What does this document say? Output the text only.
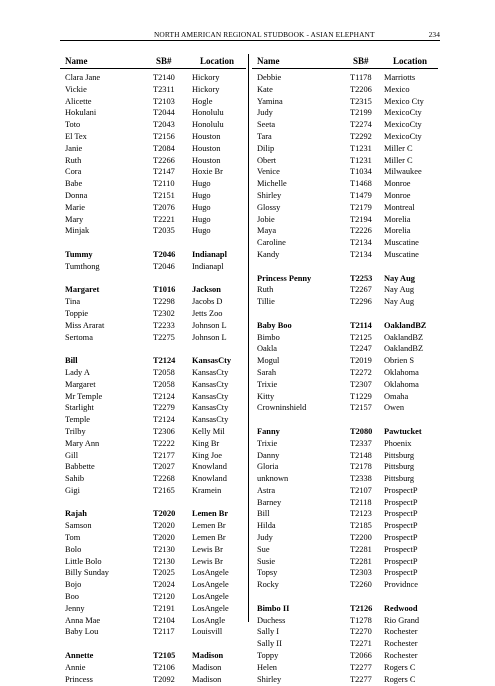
NORTH AMERICAN REGIONAL STUDBOOK - ASIAN ELEPHANT	234
Name	SB#	Location
Clara Jane	T2140 Hickory
Vickie	T2311 Hickory
Alicette	T2103 Hogle
Hokulani	T2044 Honolulu
Toto	T2043 Honolulu
El Tex	T2156 Houston
Janie	T2084 Houston
Ruth	T2266 Houston
Cora	T2147 Hoxie Br
Babe	T2110 Hugo
Donna	T2151 Hugo
Marie	T2076 Hugo
Mary	T2221 Hugo
Minjak	T2035 Hugo
Tummy	T2046 Indianapl
Tumthong	T2046 Indianapl
Margaret	T1016 Jackson
Tina	T2298 Jacobs D
Toppie	T2302 Jetts Zoo
Miss Ararat	T2233 Johnson L
Sertoma	T2275 Johnson L
Bill	T2124 KansasCty
Lady A	T2058 KansasCty
Margaret	T2058 KansasCty
Mr Temple	T2124 KansasCty
Starlight	T2279 KansasCty
Temple	T2124 KansasCty
Trilby	T2306 Kelly Mil
Mary Ann	T2222 King Br
Gill	T2177 King Joe
Babbette	T2027 Knowland
Sahib	T2268 Knowland
Gigi	T2165 Kramein
Rajah	T2020 Lemen Br
Samson	T2020 Lemen Br
Tom	T2020 Lemen Br
Bolo	T2130 Lewis Br
Little Bolo	T2130 Lewis Br
Billy Sunday	T2025 LosAngele
Bojo	T2024 LosAngele
Boo	T2120 LosAngele
Jenny	T2191 LosAngele
Anna Mae	T2104 LosAngle
Baby Lou	T2117 Louisvill
Annette	T2105 Madison
Annie	T2106 Madison
Princess	T2092 Madison
Name	SB#	Location
Debbie	T1178 Marriotts
Kate	T2206 Mexico
Yamina	T2315 Mexico Cty
Judy	T2199 MexicoCty
Seeta	T2274 MexicoCty
Tara	T2292 MexicoCty
Dilip	T1231 Miller C
Obert	T1231 Miller C
Venice	T1034 Milwaukee
Michelle	T1468 Monroe
Shirley	T1479 Monroe
Glossy	T2179 Montreal
Jobie	T2194 Morelia
Maya	T2226 Morelia
Caroline	T2134 Muscatine
Kandy	T2134 Muscatine
Princess Penny	T2253 Nay Aug
Ruth	T2267 Nay Aug
Tillie	T2296 Nay Aug
Baby Boo	T2114 OaklandBZ
Bimbo	T2125 OaklandBZ
Oakla	T2247 OaklandBZ
Mogul	T2019 Obrien S
Sarah	T2272 Oklahoma
Trixie	T2307 Oklahoma
Kitty	T1229 Omaha
Crowninshield	T2157 Owen
Fanny	T2080 Pawtucket
Trixie	T2337 Phoenix
Danny	T2148 Pittsburg
Gloria	T2178 Pittsburg
unknown	T2338 Pittsburg
Astra	T2107 ProspectP
Barney	T2118 ProspectP
Bill	T2123 ProspectP
Hilda	T2185 ProspectP
Judy	T2200 ProspectP
Sue	T2281 ProspectP
Susie	T2281 ProspectP
Topsy	T2303 ProspectP
Rocky	T2260 Providnce
Bimbo II	T2126 Redwood
Duchess	T1278 Rio Grand
Sally I	T2270 Rochester
Sally II	T2271 Rochester
Toppy	T2066 Rochester
Helen	T2277 Rogers C
Shirley	T2277 Rogers C
